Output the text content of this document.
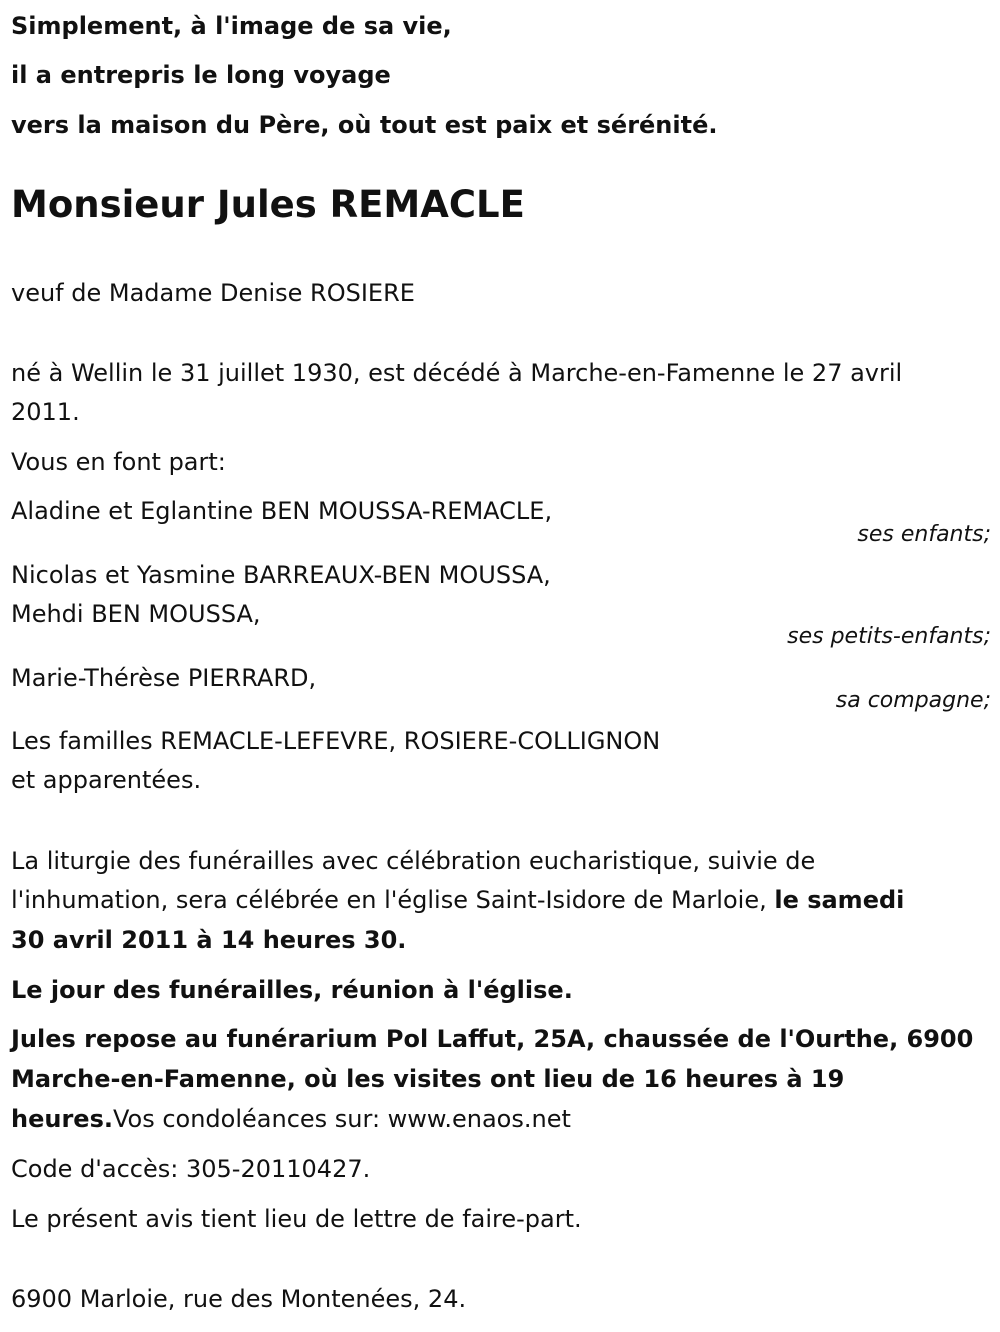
Simplement, à l'image de sa vie,
il a entrepris le long voyage
vers la maison du Père, où tout est paix et sérénité.
Monsieur Jules REMACLE
veuf de Madame Denise ROSIERE
né à Wellin le 31 juillet 1930, est décédé à Marche-en-Famenne le 27 avril
2011.
Vous en font part:
Aladine et Eglantine BEN MOUSSA-REMACLE,
ses enfants;
Nicolas et Yasmine BARREAUX-BEN MOUSSA,
Mehdi BEN MOUSSA,
ses petits-enfants;
Marie-Thérèse PIERRARD,
sa compagne;
Les familles REMACLE-LEFEVRE, ROSIERE-COLLIGNON
et apparentées.
La liturgie des funérailles avec célébration eucharistique, suivie de
l'inhumation, sera célébrée en l'église Saint-Isidore de Marloie, le samedi
30 avril 2011 à 14 heures 30.
Le jour des funérailles, réunion à l'église.
Jules repose au funérarium Pol Laffut, 25A, chaussée de l'Ourthe, 6900
Marche-en-Famenne, où les visites ont lieu de 16 heures à 19
heures.Vos condoléances sur: www.enaos.net
Code d'accès: 305-20110427.
Le présent avis tient lieu de lettre de faire-part.
6900 Marloie, rue des Montenées, 24.
